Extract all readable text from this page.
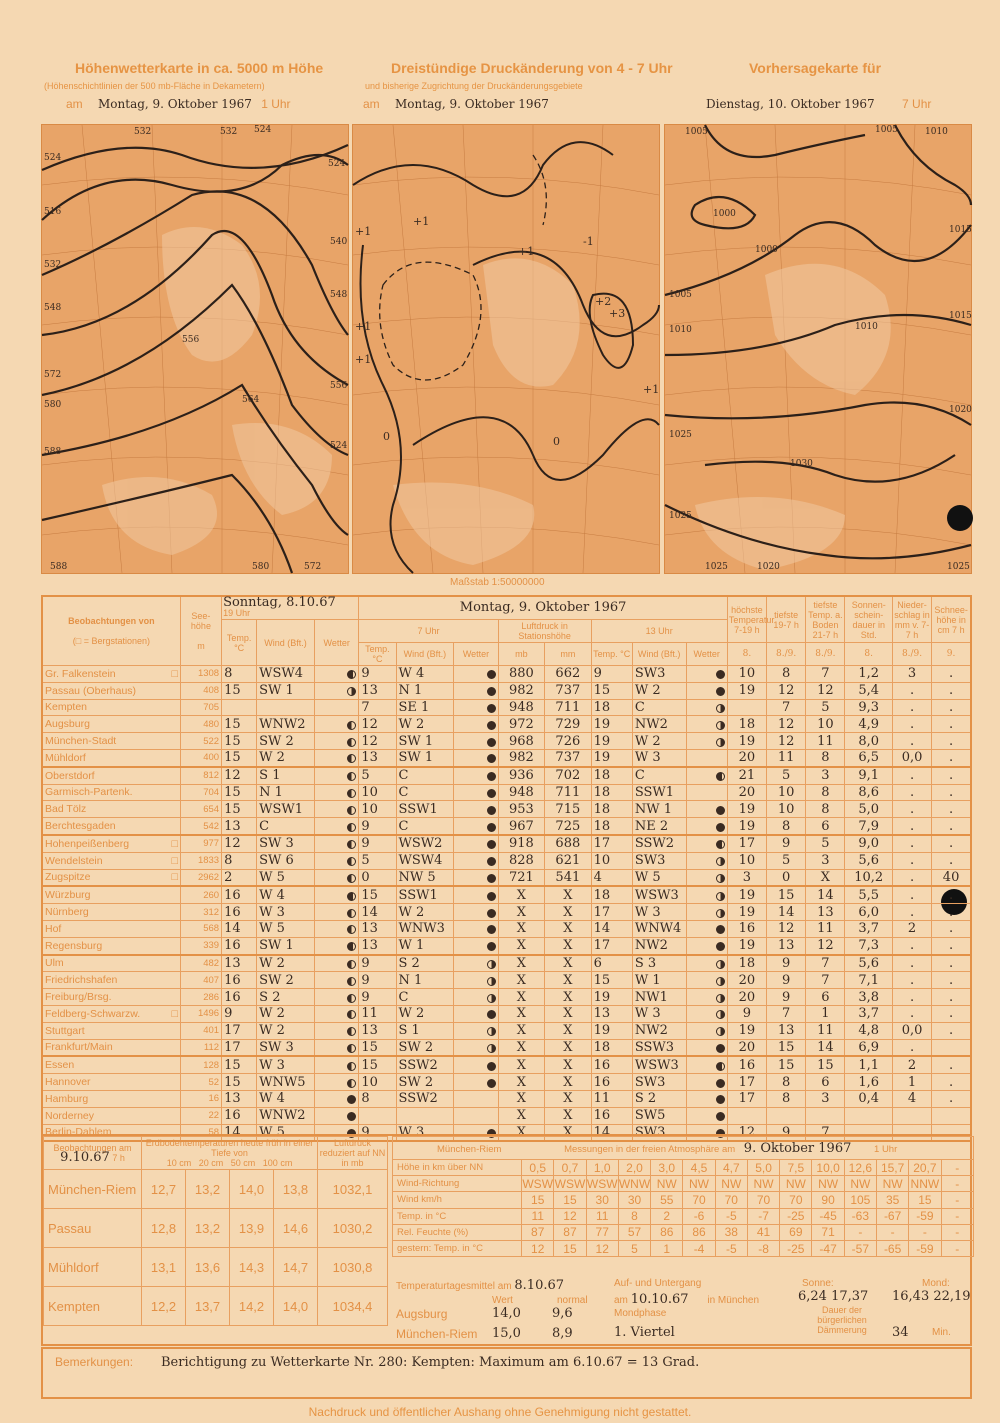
Höhenwetterkarte in ca. 5000 m Höhe
(Höhenschichtlinien der 500 mb-Fläche in Dekametern)
am Montag, 9. Oktober 1967 1 Uhr
Dreistündige Druckänderung von 4 - 7 Uhr
und bisherige Zugrichtung der Druckänderungsgebiete
am Montag, 9. Oktober 1967
Vorhersagekarte für
Dienstag, 10. Oktober 1967 7 Uhr
524
516
532
548
572
580
588
532	532 524
524
540
548
556
524
588	580	572
556
564
+1
+1
+1
+1
+1
-1
+2
+3
+1
0	0
1005	1005	1010
1015
1000
1000
1005
1010	1010
1015
1020
1025
1025
1020
1030
1025	1025
Maßstab 1:50000000
Beobachtungen von

(□ = Bergstationen)	See-höhe

m	Sonntag, 8.10.67
19 Uhr			Montag, 9. Oktober 1967								höchste Temperatur 7-19 h	tiefste 19-7 h	tiefste Temp. a. Boden 21-7 h	Sonnen-schein-dauer in Std.	Nieder-schlag in mm v. 7-7 h	Schnee-höhe in cm 7 h
		Temp. °C	Wind (Bft.)	Wetter	7 Uhr			Luftdruck in Stationshöhe		13 Uhr								
					Temp. °C	Wind (Bft.)	Wetter	mb	mm	Temp. °C	Wind (Bft.)	Wetter	8.	8./9.	8./9.	8.	8./9.	9.
Gr. Falkenstein □	1308	8	WSW4		9	W 4		880	662	9	SW3		10	8	7	1,2	3	.
Passau (Oberhaus)	408	15	SW 1		13	N 1		982	737	15	W 2		19	12	12	5,4	.	.
Kempten	705				7	SE 1		948	711	18	C			7	5	9,3	.	.
Augsburg	480	15	WNW2		12	W 2		972	729	19	NW2		18	12	10	4,9	.	.
München-Stadt	522	15	SW 2		12	SW 1		968	726	19	W 2		19	12	11	8,0	.	.
Mühldorf	400	15	W 2		13	SW 1		982	737	19	W 3		20	11	8	6,5	0,0	.
Oberstdorf	812	12	S 1		5	C		936	702	18	C		21	5	3	9,1	.	.
Garmisch-Partenk.	704	15	N 1		10	C		948	711	18	SSW1		20	10	8	8,6	.	.
Bad Tölz	654	15	WSW1		10	SSW1		953	715	18	NW 1		19	10	8	5,0	.	.
Berchtesgaden	542	13	C		9	C		967	725	18	NE 2		19	8	6	7,9	.	.
Hohenpeißenberg □	977	12	SW 3		9	WSW2		918	688	17	SSW2		17	9	5	9,0	.	.
Wendelstein □	1833	8	SW 6		5	WSW4		828	621	10	SW3		10	5	3	5,6	.	.
Zugspitze □	2962	2	W 5		0	NW 5		721	541	4	W 5		3	0	X	10,2	.	40
Würzburg	260	16	W 4		15	SSW1		X	X	18	WSW3		19	15	14	5,5	.	.
Nürnberg	312	16	W 3		14	W 2		X	X	17	W 3		19	14	13	6,0	.	.
Hof	568	14	W 5		13	WNW3		X	X	14	WNW4		16	12	11	3,7	2	.
Regensburg	339	16	SW 1		13	W 1		X	X	17	NW2		19	13	12	7,3	.	.
Ulm	482	13	W 2		9	S 2		X	X	6	S 3		18	9	7	5,6	.	.
Friedrichshafen	407	16	SW 2		9	N 1		X	X	15	W 1		20	9	7	7,1	.	.
Freiburg/Brsg.	286	16	S 2		9	C		X	X	19	NW1		20	9	6	3,8	.	.
Feldberg-Schwarzw. □	1496	9	W 2		11	W 2		X	X	13	W 3		9	7	1	3,7	.	.
Stuttgart	401	17	W 2		13	S 1		X	X	19	NW2		19	13	11	4,8	0,0	.
Frankfurt/Main	112	17	SW 3		15	SW 2		X	X	18	SSW3		20	15	14	6,9	.	
Essen	128	15	W 3		15	SSW2		X	X	16	WSW3		16	15	15	1,1	2	.
Hannover	52	15	WNW5		10	SW 2		X	X	16	SW3		17	8	6	1,6	1	.
Hamburg	16	13	W 4		8	SSW2		X	X	11	S 2		17	8	3	0,4	4	.
Norderney	22	16	WNW2					X	X	16	SW5							
Berlin-Dahlem	58	14	W 5		9	W 3		X	X	14	SW3		12	9	7			
Beobachtungen am
9.10.67 7 h	Erdbodentemperaturen heute früh in einer Tiefe von
10 cm 20 cm 50 cm 100 cm				Luftdruck reduziert auf NN in mb
München-Riem	12,7	13,2	14,0	13,8	1032,1
Passau	12,8	13,2	13,9	14,6	1030,2
Mühldorf	13,1	13,6	14,3	14,7	1030,8
Kempten	12,2	13,7	14,2	14,0	1034,4
München-Riem Messungen in der freien Atmosphäre am 9. Oktober 1967 1 Uhr														
Höhe in km über NN	0,5	0,7	1,0	2,0	3,0	4,5	4,7	5,0	7,5	10,0	12,6	15,7	20,7	-
Wind-Richtung	WSW	WSW	WSW	WNW	NW	NW	NW	NW	NW	NW	NW	NW	NNW	-
Wind km/h	15	15	30	30	55	70	70	70	70	90	105	35	15	-
Temp. in °C	11	12	11	8	2	-6	-5	-7	-25	-45	-63	-67	-59	-
Rel. Feuchte (%)	87	87	77	57	86	86	38	41	69	71	-	-	-	-
gestern: Temp. in °C	12	15	12	5	1	-4	-5	-8	-25	-47	-57	-65	-59	-
Temperaturtagesmittel am 8.10.67
Wert	normal
Augsburg	14,0 9,6
München-Riem 15,0 8,9
Auf- und Untergang
am 10.10.67 in München
Sonne:
6,24 17,37
Mond:
16,43 22,19
Mondphase
1. Viertel
Dauer der bürgerlichen Dämmerung	34 Min.
Bemerkungen: Berichtigung zu Wetterkarte Nr. 280: Kempten: Maximum am 6.10.67 = 13 Grad.
Nachdruck und öffentlicher Aushang ohne Genehmigung nicht gestattet.
